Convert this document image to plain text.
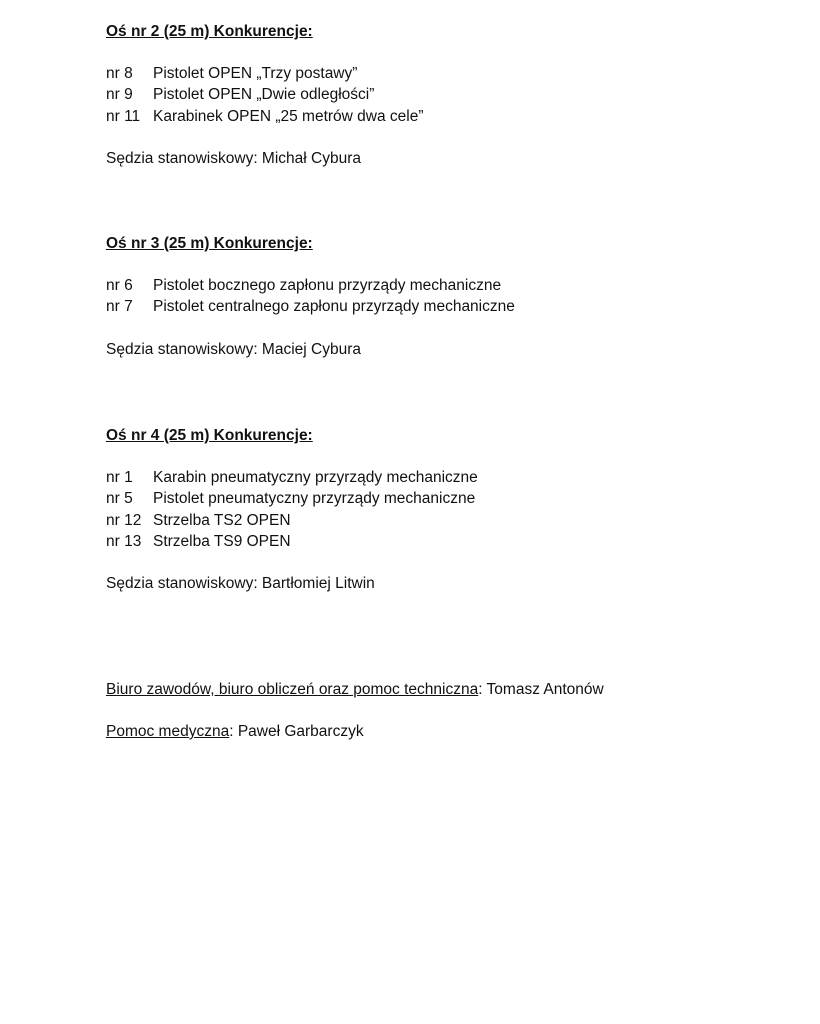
Oś nr 2 (25 m) Konkurencje:
nr 8	Pistolet OPEN „Trzy postawy”
nr 9	Pistolet OPEN „Dwie odległości”
nr 11 Karabinek OPEN „25 metrów dwa cele”
Sędzia stanowiskowy: Michał Cybura
Oś nr 3 (25 m) Konkurencje:
nr 6	Pistolet bocznego zapłonu przyrządy mechaniczne
nr 7	Pistolet centralnego zapłonu przyrządy mechaniczne
Sędzia stanowiskowy: Maciej Cybura
Oś nr 4 (25 m) Konkurencje:
nr 1	Karabin pneumatyczny przyrządy mechaniczne
nr 5	Pistolet pneumatyczny przyrządy mechaniczne
nr 12 Strzelba TS2 OPEN
nr 13 Strzelba TS9 OPEN
Sędzia stanowiskowy: Bartłomiej Litwin
Biuro zawodów, biuro obliczeń oraz pomoc techniczna: Tomasz Antonów
Pomoc medyczna: Paweł Garbarczyk
